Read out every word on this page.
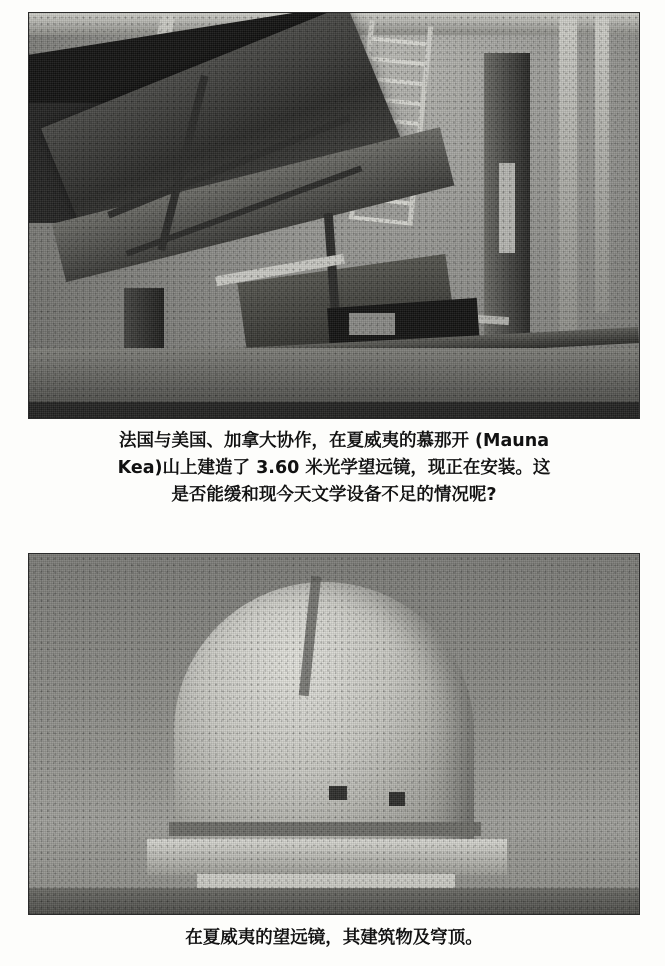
法国与美国、加拿大协作，在夏威夷的慕那开 (Mauna
Kea)山上建造了 3.60 米光学望远镜，现正在安装。这
是否能缓和现今天文学设备不足的情况呢?
在夏威夷的望远镜，其建筑物及穹顶。
